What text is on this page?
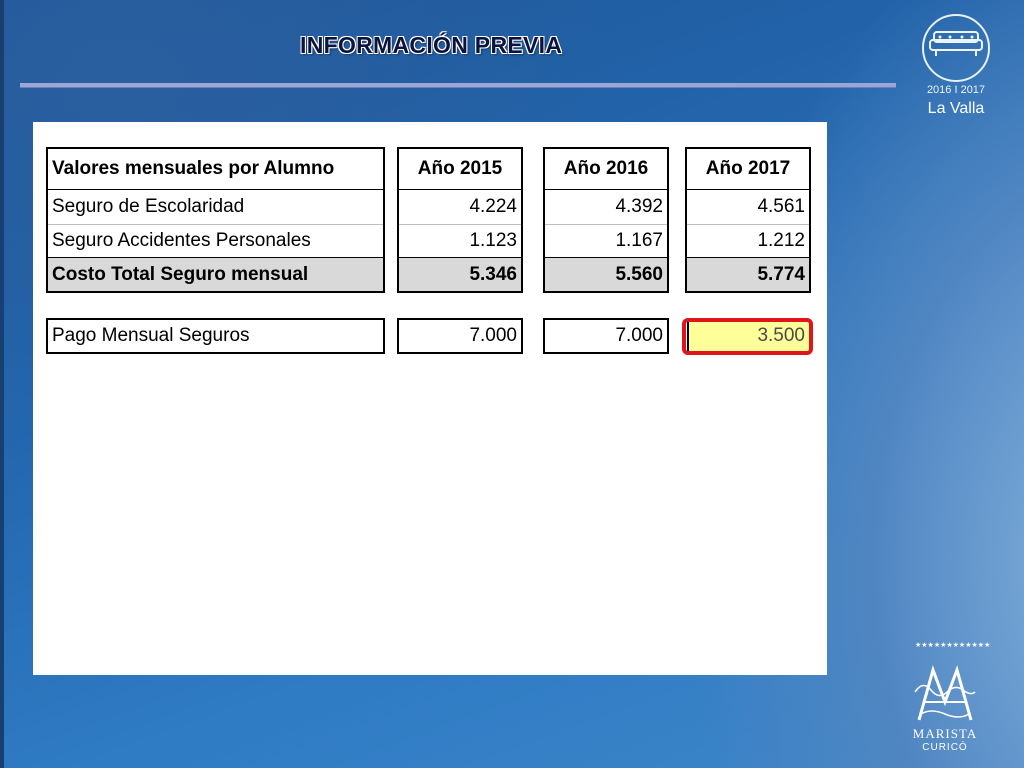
INFORMACIÓN PREVIA
2016 I 2017
La Valla
★★★★★★★★★★★★
MARISTA
CURICÓ
Valores mensuales por Alumno	Año 2015	Año 2016	Año 2017
Seguro de Escolaridad	4.224	4.392	4.561
Seguro Accidentes Personales	1.123	1.167	1.212
Costo Total Seguro mensual	5.346	5.560	5.774
Pago Mensual Seguros	7.000	7.000	3.500
